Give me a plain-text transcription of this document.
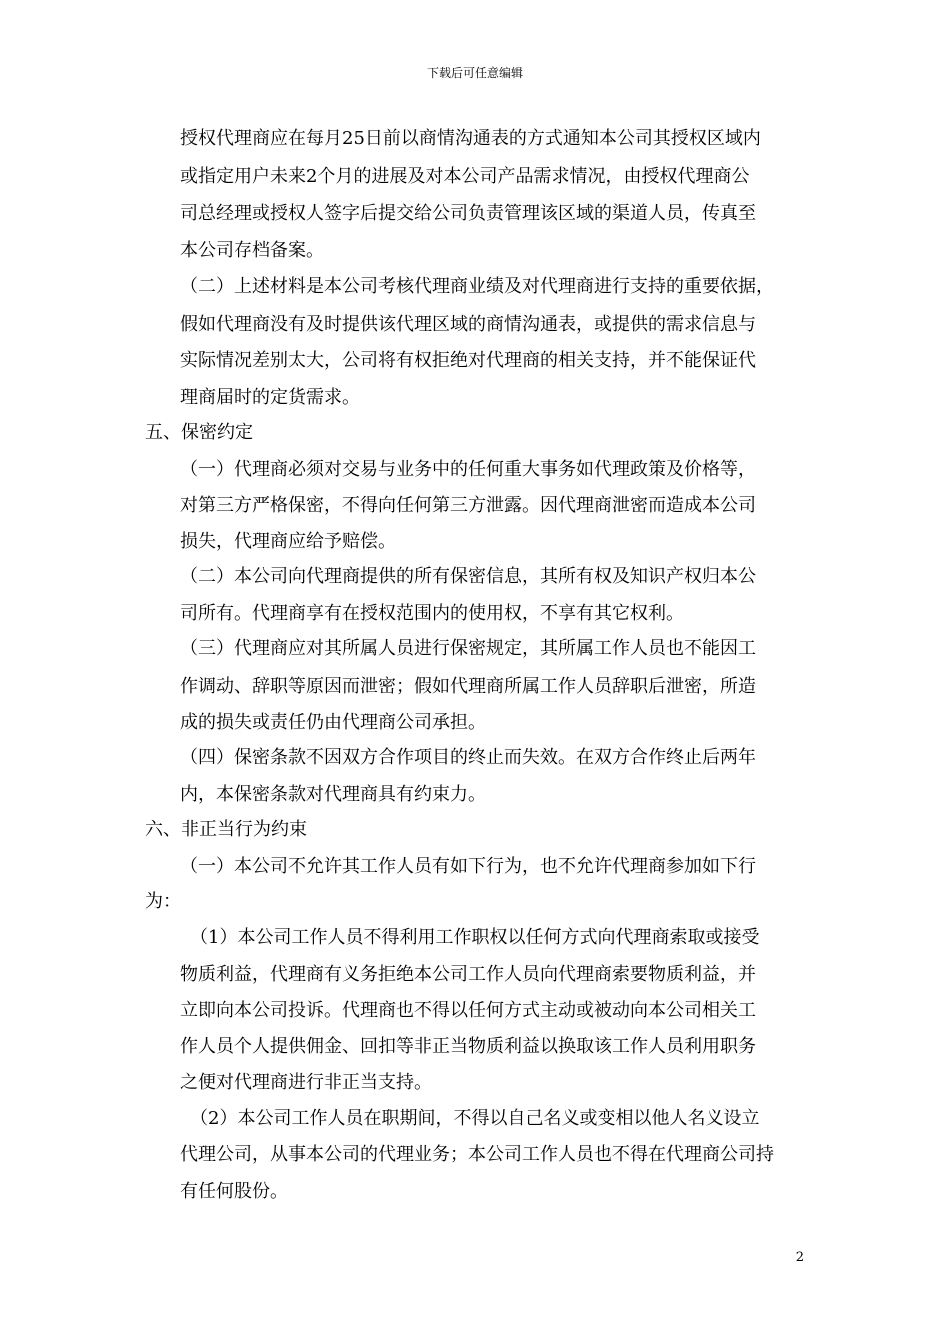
下载后可任意编辑
授权代理商应在每月25日前以商情沟通表的方式通知本公司其授权区域内
或指定用户未来2个月的进展及对本公司产品需求情况，由授权代理商公
司总经理或授权人签字后提交给公司负责管理该区域的渠道人员，传真至
本公司存档备案。
（二）上述材料是本公司考核代理商业绩及对代理商进行支持的重要依据，
假如代理商没有及时提供该代理区域的商情沟通表，或提供的需求信息与
实际情况差别太大，公司将有权拒绝对代理商的相关支持，并不能保证代
理商届时的定货需求。
五、保密约定
（一）代理商必须对交易与业务中的任何重大事务如代理政策及价格等，
对第三方严格保密，不得向任何第三方泄露。因代理商泄密而造成本公司
损失，代理商应给予赔偿。
（二）本公司向代理商提供的所有保密信息，其所有权及知识产权归本公
司所有。代理商享有在授权范围内的使用权，不享有其它权利。
（三）代理商应对其所属人员进行保密规定，其所属工作人员也不能因工
作调动、辞职等原因而泄密；假如代理商所属工作人员辞职后泄密，所造
成的损失或责任仍由代理商公司承担。
（四）保密条款不因双方合作项目的终止而失效。在双方合作终止后两年
内，本保密条款对代理商具有约束力。
六、非正当行为约束
（一）本公司不允许其工作人员有如下行为，也不允许代理商参加如下行
为：
（1）本公司工作人员不得利用工作职权以任何方式向代理商索取或接受
物质利益，代理商有义务拒绝本公司工作人员向代理商索要物质利益，并
立即向本公司投诉。代理商也不得以任何方式主动或被动向本公司相关工
作人员个人提供佣金、回扣等非正当物质利益以换取该工作人员利用职务
之便对代理商进行非正当支持。
（2）本公司工作人员在职期间，不得以自己名义或变相以他人名义设立
代理公司，从事本公司的代理业务；本公司工作人员也不得在代理商公司持
有任何股份。
2
